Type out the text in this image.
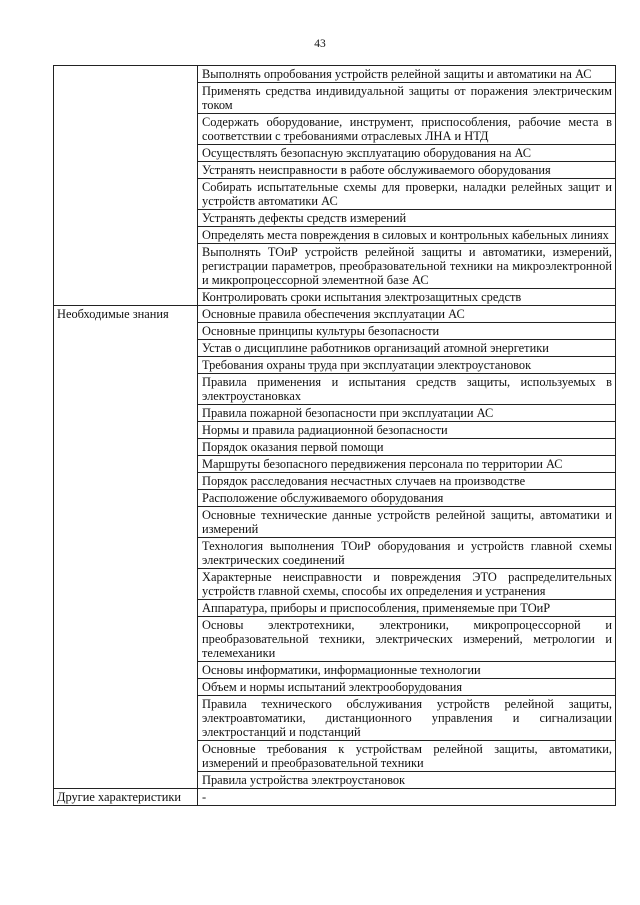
43
	Выполнять опробования устройств релейной защиты и автоматики на АС
	Применять средства индивидуальной защиты от поражения электрическим током
	Содержать оборудование, инструмент, приспособления, рабочие места в соответствии с требованиями отраслевых ЛНА и НТД
	Осуществлять безопасную эксплуатацию оборудования на АС
	Устранять неисправности в работе обслуживаемого оборудования
	Собирать испытательные схемы для проверки, наладки релейных защит и устройств автоматики АС
	Устранять дефекты средств измерений
	Определять места повреждения в силовых и контрольных кабельных линиях
	Выполнять ТОиР устройств релейной защиты и автоматики, измерений, регистрации параметров, преобразовательной техники на микроэлектронной и микропроцессорной элементной базе АС
	Контролировать сроки испытания электрозащитных средств
Необходимые знания	Основные правила обеспечения эксплуатации АС
	Основные принципы культуры безопасности
	Устав о дисциплине работников организаций атомной энергетики
	Требования охраны труда при эксплуатации электроустановок
	Правила применения и испытания средств защиты, используемых в электроустановках
	Правила пожарной безопасности при эксплуатации АС
	Нормы и правила радиационной безопасности
	Порядок оказания первой помощи
	Маршруты безопасного передвижения персонала по территории АС
	Порядок расследования несчастных случаев на производстве
	Расположение обслуживаемого оборудования
	Основные технические данные устройств релейной защиты, автоматики и измерений
	Технология выполнения ТОиР оборудования и устройств главной схемы электрических соединений
	Характерные неисправности и повреждения ЭТО распределительных устройств главной схемы, способы их определения и устранения
	Аппаратура, приборы и приспособления, применяемые при ТОиР
	Основы электротехники, электроники, микропроцессорной и преобразовательной техники, электрических измерений, метрологии и телемеханики
	Основы информатики, информационные технологии
	Объем и нормы испытаний электрооборудования
	Правила технического обслуживания устройств релейной защиты, электроавтоматики, дистанционного управления и сигнализации электростанций и подстанций
	Основные требования к устройствам релейной защиты, автоматики, измерений и преобразовательной техники
	Правила устройства электроустановок
Другие характеристики	-
